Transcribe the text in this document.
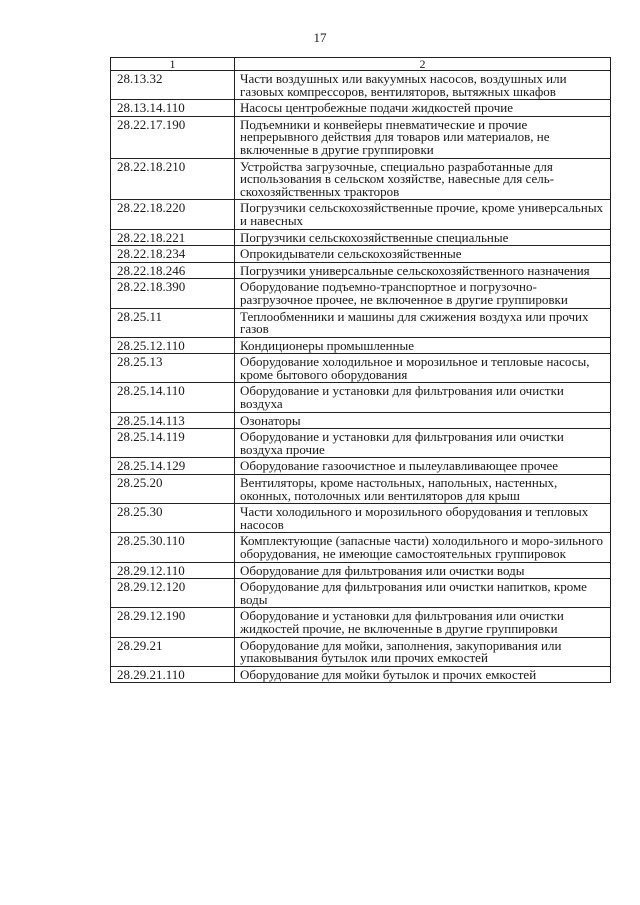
17
1	2
28.13.32	Части воздушных или вакуумных насосов, воздушных или газовых компрессоров, вентиляторов, вытяжных шкафов
28.13.14.110	Насосы центробежные подачи жидкостей прочие
28.22.17.190	Подъемники и конвейеры пневматические и прочие непрерывного действия для товаров или материалов, не включенные в другие группировки
28.22.18.210	Устройства загрузочные, специально разработанные для использования в сельском хозяйстве, навесные для сель-скохозяйственных тракторов
28.22.18.220	Погрузчики сельскохозяйственные прочие, кроме универсальных и навесных
28.22.18.221	Погрузчики сельскохозяйственные специальные
28.22.18.234	Опрокидыватели сельскохозяйственные
28.22.18.246	Погрузчики универсальные сельскохозяйственного назначения
28.22.18.390	Оборудование подъемно-транспортное и погрузочно-разгрузочное прочее, не включенное в другие группировки
28.25.11	Теплообменники и машины для сжижения воздуха или прочих газов
28.25.12.110	Кондиционеры промышленные
28.25.13	Оборудование холодильное и морозильное и тепловые насосы, кроме бытового оборудования
28.25.14.110	Оборудование и установки для фильтрования или очистки воздуха
28.25.14.113	Озонаторы
28.25.14.119	Оборудование и установки для фильтрования или очистки воздуха прочие
28.25.14.129	Оборудование газоочистное и пылеулавливающее прочее
28.25.20	Вентиляторы, кроме настольных, напольных, настенных, оконных, потолочных или вентиляторов для крыш
28.25.30	Части холодильного и морозильного оборудования и тепловых насосов
28.25.30.110	Комплектующие (запасные части) холодильного и моро-зильного оборудования, не имеющие самостоятельных группировок
28.29.12.110	Оборудование для фильтрования или очистки воды
28.29.12.120	Оборудование для фильтрования или очистки напитков, кроме воды
28.29.12.190	Оборудование и установки для фильтрования или очистки жидкостей прочие, не включенные в другие группировки
28.29.21	Оборудование для мойки, заполнения, закупоривания или упаковывания бутылок или прочих емкостей
28.29.21.110	Оборудование для мойки бутылок и прочих емкостей
